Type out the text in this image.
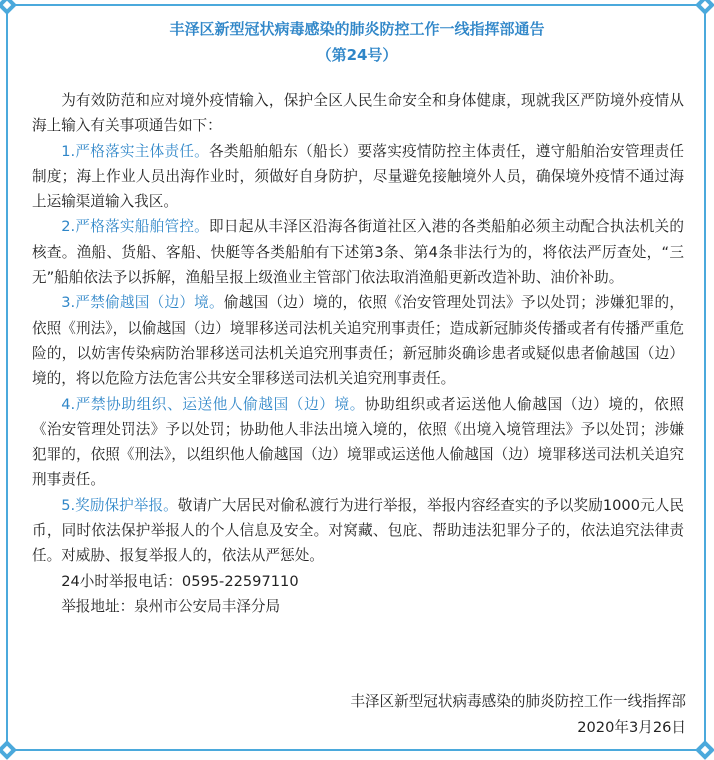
丰泽区新型冠状病毒感染的肺炎防控工作一线指挥部通告
（第24号）

为有效防范和应对境外疫情输入，保护全区人民生命安全和身体健康，现就我区严防境外疫情从海上输入有关事项通告如下：

1.严格落实主体责任。各类船舶船东（船长）要落实疫情防控主体责任，遵守船舶治安管理责任制度；海上作业人员出海作业时，须做好自身防护，尽量避免接触境外人员，确保境外疫情不通过海上运输渠道输入我区。

2.严格落实船舶管控。即日起从丰泽区沿海各街道社区入港的各类船舶必须主动配合执法机关的核查。渔船、货船、客船、快艇等各类船舶有下述第3条、第4条非法行为的，将依法严厉查处，“三无”船舶依法予以拆解，渔船呈报上级渔业主管部门依法取消渔船更新改造补助、油价补助。

3.严禁偷越国（边）境。偷越国（边）境的，依照《治安管理处罚法》予以处罚；涉嫌犯罪的，依照《刑法》，以偷越国（边）境罪移送司法机关追究刑事责任；造成新冠肺炎传播或者有传播严重危险的，以妨害传染病防治罪移送司法机关追究刑事责任；新冠肺炎确诊患者或疑似患者偷越国（边）境的，将以危险方法危害公共安全罪移送司法机关追究刑事责任。

4.严禁协助组织、运送他人偷越国（边）境。协助组织或者运送他人偷越国（边）境的，依照《治安管理处罚法》予以处罚；协助他人非法出境入境的，依照《出境入境管理法》予以处罚；涉嫌犯罪的，依照《刑法》，以组织他人偷越国（边）境罪或运送他人偷越国（边）境罪移送司法机关追究刑事责任。

5.奖励保护举报。敬请广大居民对偷私渡行为进行举报，举报内容经查实的予以奖励1000元人民币，同时依法保护举报人的个人信息及安全。对窝藏、包庇、帮助违法犯罪分子的，依法追究法律责任。对威胁、报复举报人的，依法从严惩处。

24小时举报电话：0595-22597110

举报地址：泉州市公安局丰泽分局

丰泽区新型冠状病毒感染的肺炎防控工作一线指挥部
2020年3月26日
